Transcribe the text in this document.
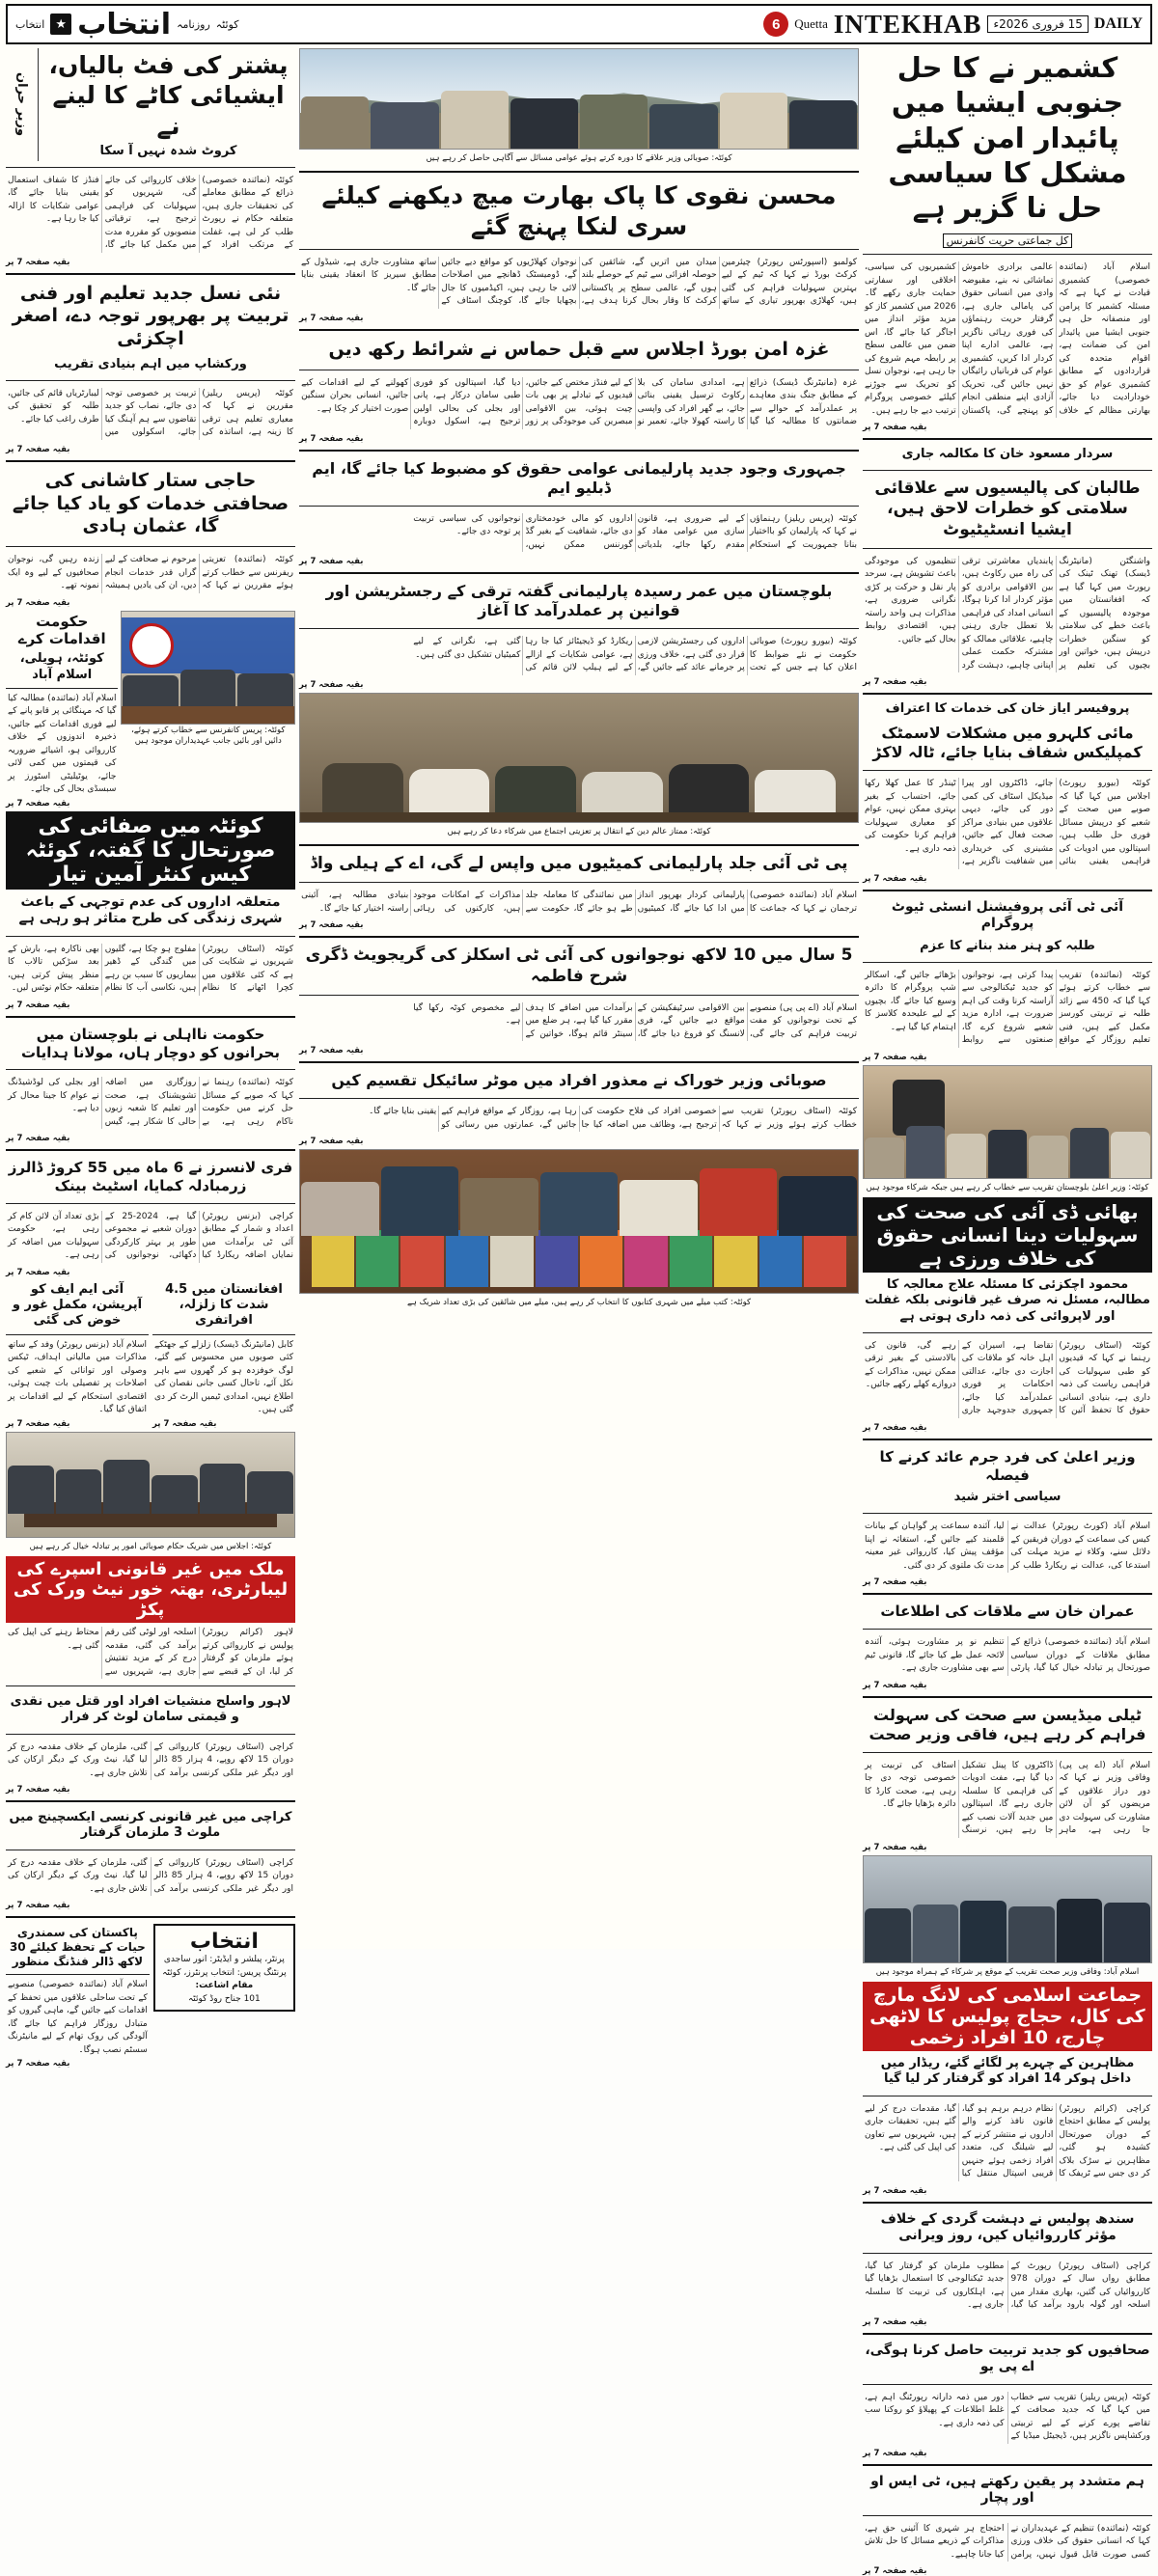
DAILY
15 فروری 2026ء
INTEKHAB
Quetta
6
کوئٹہ
روزنامہ
انتخاب
★
انتخاب
پشتر کی فٹ بالیاں، ایشیائی کاٹے کا لینے نے
کروٹ شدہ نہیں آ سکا
وزیر حران
کوئٹہ (نمائندہ خصوصی) ذرائع کے مطابق معاملے کی تحقیقات جاری ہیں، متعلقہ حکام نے رپورٹ طلب کر لی ہے، غفلت کے مرتکب افراد کے خلاف کارروائی کی جائے گی، شہریوں کو سہولیات کی فراہمی ترجیح ہے، ترقیاتی منصوبوں کو مقررہ مدت میں مکمل کیا جائے گا، فنڈز کا شفاف استعمال یقینی بنایا جائے گا، عوامی شکایات کا ازالہ کیا جا رہا ہے۔
بقیہ صفحہ 7 پر
نئی نسل جدید تعلیم اور فنی تربیت پر بھرپور توجہ دے، اصغر اچکزئی
ورکشاپ میں اہم بنیادی تقریب
کوئٹہ (پریس ریلیز) مقررین نے کہا کہ معیاری تعلیم ہی ترقی کا زینہ ہے، اساتذہ کی تربیت پر خصوصی توجہ دی جائے، نصاب کو جدید تقاضوں سے ہم آہنگ کیا جائے، اسکولوں میں لیبارٹریاں قائم کی جائیں، طلبہ کو تحقیق کی طرف راغب کیا جائے۔
بقیہ صفحہ 7 پر
حاجی ستار کاشانی کی صحافتی خدمات کو یاد کیا جائے گا، عثمان ہادی
کوئٹہ (نمائندہ) تعزیتی ریفرنس سے خطاب کرتے ہوئے مقررین نے کہا کہ مرحوم نے صحافت کے لیے گراں قدر خدمات انجام دیں، ان کی یادیں ہمیشہ زندہ رہیں گی، نوجوان صحافیوں کے لیے وہ ایک نمونہ تھے۔
بقیہ صفحہ 7 پر
کوئٹہ: پریس کانفرنس سے خطاب کرتے ہوئے، دائیں اور بائیں جانب عہدیداران موجود ہیں
حکومت اقدامات کرے
کوئٹہ، ہویلی، اسلام آباد
اسلام آباد (نمائندہ) مطالبہ کیا گیا کہ مہنگائی پر قابو پانے کے لیے فوری اقدامات کیے جائیں، ذخیرہ اندوزوں کے خلاف کارروائی ہو، اشیائے ضروریہ کی قیمتوں میں کمی لائی جائے، یوٹیلیٹی اسٹورز پر سبسڈی بحال کی جائے۔
بقیہ صفحہ 7 پر
کوئٹہ میں صفائی کی صورتحال کا گفتہ، کوئٹہ کیس کنٹر آمین تیار
متعلقہ اداروں کی عدم توجہی کے باعث شہری زندگی کی طرح متاثر ہو رہی ہے
کوئٹہ (اسٹاف رپورٹر) شہریوں نے شکایت کی ہے کہ کئی علاقوں میں کچرا اٹھانے کا نظام مفلوج ہو چکا ہے، گلیوں میں گندگی کے ڈھیر بیماریوں کا سبب بن رہے ہیں، نکاسی آب کا نظام بھی ناکارہ ہے، بارش کے بعد سڑکیں تالاب کا منظر پیش کرتی ہیں، متعلقہ حکام نوٹس لیں۔
بقیہ صفحہ 7 پر
حکومت نااہلی نے بلوچستان میں بحرانوں کو دوچار ہاں، مولانا ہدایات
کوئٹہ (نمائندہ) رہنما نے کہا کہ صوبے کے مسائل حل کرنے میں حکومت ناکام رہی ہے، بے روزگاری میں اضافہ تشویشناک ہے، صحت اور تعلیم کا شعبہ زبوں حالی کا شکار ہے، گیس اور بجلی کی لوڈشیڈنگ نے عوام کا جینا محال کر دیا ہے۔
بقیہ صفحہ 7 پر
فری لانسرز نے 6 ماہ میں 55 کروڑ ڈالرز زرمبادلہ کمایا، اسٹیٹ بینک
کراچی (بزنس رپورٹر) اعداد و شمار کے مطابق آئی ٹی برآمدات میں نمایاں اضافہ ریکارڈ کیا گیا ہے، 2024-25 کے دوران شعبے نے مجموعی طور پر بہتر کارکردگی دکھائی، نوجوانوں کی بڑی تعداد آن لائن کام کر رہی ہے، حکومت سہولیات میں اضافہ کر رہی ہے۔
بقیہ صفحہ 7 پر
افغانستان میں 4.5 شدت کا زلزلہ، افراتفری
کابل (مانیٹرنگ ڈیسک) زلزلے کے جھٹکے کئی صوبوں میں محسوس کیے گئے، لوگ خوفزدہ ہو کر گھروں سے باہر نکل آئے، تاحال کسی جانی نقصان کی اطلاع نہیں، امدادی ٹیمیں الرٹ کر دی گئی ہیں۔
بقیہ صفحہ 7 پر
آئی ایم ایف کو آپریشن، مکمل غور و خوض کی گئی
اسلام آباد (بزنس رپورٹر) وفد کے ساتھ مذاکرات میں مالیاتی اہداف، ٹیکس وصولی اور توانائی کے شعبے کی اصلاحات پر تفصیلی بات چیت ہوئی، اقتصادی استحکام کے لیے اقدامات پر اتفاق کیا گیا۔
بقیہ صفحہ 7 پر
کوئٹہ: اجلاس میں شریک حکام صوبائی امور پر تبادلہ خیال کر رہے ہیں
ملک میں غیر قانونی اسپرے کی لیبارٹری، بھتہ خور نیٹ ورک کی پکڑ
لاہور (کرائم رپورٹر) پولیس نے کارروائی کرتے ہوئے ملزمان کو گرفتار کر لیا، ان کے قبضے سے اسلحہ اور لوٹی گئی رقم برآمد کی گئی، مقدمہ درج کر کے مزید تفتیش جاری ہے، شہریوں سے محتاط رہنے کی اپیل کی گئی ہے۔
لاہور واسلح منشیات افراد اور قتل میں نقدی و قیمتی سامان لوٹ کر فرار
کراچی (اسٹاف رپورٹر) کارروائی کے دوران 15 لاکھ روپے، 4 ہزار 85 ڈالر اور دیگر غیر ملکی کرنسی برآمد کی گئی، ملزمان کے خلاف مقدمہ درج کر لیا گیا، نیٹ ورک کے دیگر ارکان کی تلاش جاری ہے۔
بقیہ صفحہ 7 پر
کراچی میں غیر قانونی کرنسی ایکسچینج میں ملوث 3 ملزمان گرفتار
کراچی (اسٹاف رپورٹر) کارروائی کے دوران 15 لاکھ روپے، 4 ہزار 85 ڈالر اور دیگر غیر ملکی کرنسی برآمد کی گئی، ملزمان کے خلاف مقدمہ درج کر لیا گیا، نیٹ ورک کے دیگر ارکان کی تلاش جاری ہے۔
بقیہ صفحہ 7 پر
انتخاب
پرنٹر، پبلشر و ایڈیٹر: انور ساجدی
پرنٹنگ پریس: انتخاب پرنٹرز، کوئٹہ
مقام اشاعت:
101 جناح روڈ کوئٹہ
پاکستان کی سمندری حیات کے تحفظ کیلئے 30 لاکھ ڈالر فنڈنگ منظور
اسلام آباد (نمائندہ خصوصی) منصوبے کے تحت ساحلی علاقوں میں تحفظ کے اقدامات کیے جائیں گے، ماہی گیروں کو متبادل روزگار فراہم کیا جائے گا، آلودگی کی روک تھام کے لیے مانیٹرنگ سسٹم نصب ہوگا۔
بقیہ صفحہ 7 پر
کوئٹہ: صوبائی وزیر علاقے کا دورہ کرتے ہوئے عوامی مسائل سے آگاہی حاصل کر رہے ہیں
محسن نقوی کا پاک بھارت میچ دیکھنے کیلئے سری لنکا پہنچ گئے
کولمبو (اسپورٹس رپورٹر) چیئرمین کرکٹ بورڈ نے کہا کہ ٹیم کے لیے بہترین سہولیات فراہم کی گئی ہیں، کھلاڑی بھرپور تیاری کے ساتھ میدان میں اتریں گے، شائقین کی حوصلہ افزائی سے ٹیم کے حوصلے بلند ہوں گے، عالمی سطح پر پاکستانی کرکٹ کا وقار بحال کرنا ہدف ہے، نوجوان کھلاڑیوں کو مواقع دیے جائیں گے، ڈومیسٹک ڈھانچے میں اصلاحات لائی جا رہی ہیں، اکیڈمیوں کا جال بچھایا جائے گا، کوچنگ اسٹاف کے ساتھ مشاورت جاری ہے، شیڈول کے مطابق سیریز کا انعقاد یقینی بنایا جائے گا۔
بقیہ صفحہ 7 پر
غزہ امن بورڈ اجلاس سے قبل حماس نے شرائط رکھ دیں
غزہ (مانیٹرنگ ڈیسک) ذرائع کے مطابق جنگ بندی معاہدے پر عملدرآمد کے حوالے سے ضمانتوں کا مطالبہ کیا گیا ہے، امدادی سامان کی بلا رکاوٹ ترسیل یقینی بنائی جائے، بے گھر افراد کی واپسی کا راستہ کھولا جائے، تعمیر نو کے لیے فنڈز مختص کیے جائیں، قیدیوں کے تبادلے پر بھی بات چیت ہوئی، بین الاقوامی مبصرین کی موجودگی پر زور دیا گیا، اسپتالوں کو فوری طبی سامان درکار ہے، پانی اور بجلی کی بحالی اولین ترجیح ہے، اسکول دوبارہ کھولنے کے لیے اقدامات کیے جائیں، انسانی بحران سنگین صورت اختیار کر چکا ہے۔
بقیہ صفحہ 7 پر
جمہوری وجود جدید پارلیمانی عوامی حقوق کو مضبوط کیا جائے گا، ایم ڈبلیو ایم
کوئٹہ (پریس ریلیز) رہنماؤں نے کہا کہ پارلیمان کو بااختیار بنانا جمہوریت کے استحکام کے لیے ضروری ہے، قانون سازی میں عوامی مفاد کو مقدم رکھا جائے، بلدیاتی اداروں کو مالی خودمختاری دی جائے، شفافیت کے بغیر گڈ گورننس ممکن نہیں، نوجوانوں کی سیاسی تربیت پر توجہ دی جائے۔
بقیہ صفحہ 7 پر
بلوچستان میں عمر رسیدہ پارلیمانی گفتہ ترقی کے رجسٹریشن اور قوانین پر عملدرآمد کا آغاز
کوئٹہ (بیورو رپورٹ) صوبائی حکومت نے نئے ضوابط کا اعلان کیا ہے جس کے تحت اداروں کی رجسٹریشن لازمی قرار دی گئی ہے، خلاف ورزی پر جرمانے عائد کیے جائیں گے، ریکارڈ کو ڈیجیٹائز کیا جا رہا ہے، عوامی شکایات کے ازالے کے لیے ہیلپ لائن قائم کی گئی ہے، نگرانی کے لیے کمیٹیاں تشکیل دی گئی ہیں۔
بقیہ صفحہ 7 پر
کوئٹہ: ممتاز عالم دین کے انتقال پر تعزیتی اجتماع میں شرکاء دعا کر رہے ہیں
پی ٹی آئی جلد پارلیمانی کمیٹیوں میں واپس لے گی، اے کے ہیلی واڈ
اسلام آباد (نمائندہ خصوصی) ترجمان نے کہا کہ جماعت کا پارلیمانی کردار بھرپور انداز میں ادا کیا جائے گا، کمیٹیوں میں نمائندگی کا معاملہ جلد طے ہو جائے گا، حکومت سے مذاکرات کے امکانات موجود ہیں، کارکنوں کی رہائی بنیادی مطالبہ ہے، آئینی راستہ اختیار کیا جائے گا۔
بقیہ صفحہ 7 پر
5 سال میں 10 لاکھ نوجوانوں کی آئی ٹی اسکلز کی گریجویٹ ڈگری شرح فاطمہ
اسلام آباد (اے پی پی) منصوبے کے تحت نوجوانوں کو مفت تربیت فراہم کی جائے گی، بین الاقوامی سرٹیفکیشن کے مواقع دیے جائیں گے، فری لانسنگ کو فروغ دیا جائے گا، برآمدات میں اضافے کا ہدف مقرر کیا گیا ہے، ہر ضلع میں سینٹر قائم ہوگا، خواتین کے لیے مخصوص کوٹہ رکھا گیا ہے۔
بقیہ صفحہ 7 پر
صوبائی وزیر خوراک نے معذور افراد میں موٹر سائیکل تقسیم کیں
کوئٹہ (اسٹاف رپورٹر) تقریب سے خطاب کرتے ہوئے وزیر نے کہا کہ خصوصی افراد کی فلاح حکومت کی ترجیح ہے، وظائف میں اضافہ کیا جا رہا ہے، روزگار کے مواقع فراہم کیے جائیں گے، عمارتوں میں رسائی کو یقینی بنایا جائے گا۔
بقیہ صفحہ 7 پر
کوئٹہ: کتب میلے میں شہری کتابوں کا انتخاب کر رہے ہیں، میلے میں شائقین کی بڑی تعداد شریک ہے
کشمیر نے کا حل جنوبی ایشیا میں پائیدار امن کیلئے مشکل کا سیاسی حل نا گزیر ہے
کل جماعتی حریت کانفرنس
اسلام آباد (نمائندہ خصوصی) کشمیری قیادت نے کہا ہے کہ مسئلہ کشمیر کا پرامن اور منصفانہ حل ہی جنوبی ایشیا میں پائیدار امن کی ضمانت ہے، اقوام متحدہ کی قراردادوں کے مطابق کشمیری عوام کو حق خودارادیت دیا جائے، بھارتی مظالم کے خلاف عالمی برادری خاموش تماشائی نہ بنے، مقبوضہ وادی میں انسانی حقوق کی پامالی جاری ہے، گرفتار حریت رہنماؤں کی فوری رہائی ناگزیر ہے، عالمی ادارے اپنا کردار ادا کریں، کشمیری عوام کی قربانیاں رائیگاں نہیں جائیں گی، تحریک آزادی اپنے منطقی انجام کو پہنچے گی، پاکستان کشمیریوں کی سیاسی، اخلاقی اور سفارتی حمایت جاری رکھے گا۔ 2026 میں کشمیر کاز کو مزید مؤثر انداز میں اجاگر کیا جائے گا، اس ضمن میں عالمی سطح پر رابطہ مہم شروع کی جا رہی ہے، نوجوان نسل کو تحریک سے جوڑنے کیلئے خصوصی پروگرام ترتیب دیے جا رہے ہیں۔
بقیہ صفحہ 7 پر
سردار مسعود خان کا مکالمہ جاری
طالبان کی پالیسیوں سے علاقائی سلامتی کو خطرات لاحق ہیں، ایشیا انسٹیٹیوٹ
واشنگٹن (مانیٹرنگ ڈیسک) تھنک ٹینک کی رپورٹ میں کہا گیا ہے کہ افغانستان میں موجودہ پالیسیوں کے باعث خطے کی سلامتی کو سنگین خطرات درپیش ہیں، خواتین اور بچیوں کی تعلیم پر پابندیاں معاشرتی ترقی کی راہ میں رکاوٹ ہیں، بین الاقوامی برادری کو مؤثر کردار ادا کرنا ہوگا، انسانی امداد کی فراہمی بلا تعطل جاری رہنی چاہیے، علاقائی ممالک کو مشترکہ حکمت عملی اپنانی چاہیے، دہشت گرد تنظیموں کی موجودگی باعث تشویش ہے، سرحد پار نقل و حرکت پر کڑی نگرانی ضروری ہے، مذاکرات ہی واحد راستہ ہیں، اقتصادی روابط بحال کیے جائیں۔
بقیہ صفحہ 7 پر
پروفیسر ایاز خان کی خدمات کا اعتراف
مائی کلہرو میں مشکلات لاسمٹک کمپلیکس شفاف بنایا جائے، ٹالہ لاکڑ
کوئٹہ (بیورو رپورٹ) اجلاس میں کہا گیا کہ صوبے میں صحت کے شعبے کو درپیش مسائل فوری حل طلب ہیں، اسپتالوں میں ادویات کی فراہمی یقینی بنائی جائے، ڈاکٹروں اور پیرا میڈیکل اسٹاف کی کمی دور کی جائے، دیہی علاقوں میں بنیادی مراکز صحت فعال کیے جائیں، مشینری کی خریداری میں شفافیت ناگزیر ہے، ٹینڈر کا عمل کھلا رکھا جائے، احتساب کے بغیر بہتری ممکن نہیں، عوام کو معیاری سہولیات فراہم کرنا حکومت کی ذمہ داری ہے۔
بقیہ صفحہ 7 پر
آئی ٹی آئی پروفیشنل انسٹی ٹیوٹ پروگرام
طلبہ کو ہنر مند بنانے کا عزم
کوئٹہ (نمائندہ) تقریب سے خطاب کرتے ہوئے کہا گیا کہ 450 سے زائد طلبہ نے تربیتی کورسز مکمل کیے ہیں، فنی تعلیم روزگار کے مواقع پیدا کرتی ہے، نوجوانوں کو جدید ٹیکنالوجی سے آراستہ کرنا وقت کی اہم ضرورت ہے، ادارہ مزید شعبے شروع کرے گا، صنعتوں سے روابط بڑھائے جائیں گے، اسکالر شپ پروگرام کا دائرہ وسیع کیا جائے گا، بچیوں کے لیے علیحدہ کلاسز کا اہتمام کیا گیا ہے۔
بقیہ صفحہ 7 پر
کوئٹہ: وزیر اعلیٰ بلوچستان تقریب سے خطاب کر رہے ہیں جبکہ شرکاء موجود ہیں
بھائی ڈی آئی کی صحت کی سہولیات دینا انسانی حقوق کی خلاف ورزی ہے
محمود اچکزئی کا مسئلہ علاج معالجہ کا مطالبہ، مسئل نہ صرف غیر قانونی بلکہ غفلت اور لاپروائی کی ذمہ داری ہوتی ہے
کوئٹہ (اسٹاف رپورٹر) رہنما نے کہا کہ قیدیوں کو طبی سہولیات کی فراہمی ریاست کی ذمہ داری ہے، بنیادی انسانی حقوق کا تحفظ آئین کا تقاضا ہے، اسیران کے اہل خانہ کو ملاقات کی اجازت دی جائے، عدالتی احکامات پر فوری عملدرآمد کیا جائے، جمہوری جدوجہد جاری رہے گی، قانون کی بالادستی کے بغیر ترقی ممکن نہیں، مذاکرات کے دروازے کھلے رکھے جائیں۔
بقیہ صفحہ 7 پر
وزیر اعلیٰ کی فرد جرم عائد کرنے کا فیصلہ
سیاسی اختر شید
اسلام آباد (کورٹ رپورٹر) عدالت نے کیس کی سماعت کے دوران فریقین کے دلائل سنے، وکلاء نے مزید مہلت کی استدعا کی، عدالت نے ریکارڈ طلب کر لیا، آئندہ سماعت پر گواہان کے بیانات قلمبند کیے جائیں گے، استغاثہ نے اپنا مؤقف پیش کیا، کارروائی غیر معینہ مدت تک ملتوی کر دی گئی۔
بقیہ صفحہ 7 پر
عمران خان سے ملاقات کی اطلاعات
اسلام آباد (نمائندہ خصوصی) ذرائع کے مطابق ملاقات کے دوران سیاسی صورتحال پر تبادلہ خیال کیا گیا، پارٹی تنظیم نو پر مشاورت ہوئی، آئندہ لائحہ عمل طے کیا جائے گا، قانونی ٹیم سے بھی مشاورت جاری ہے۔
بقیہ صفحہ 7 پر
ٹیلی میڈیسن سے صحت کی سہولت فراہم کر رہے ہیں، فاقی وزیر صحت
اسلام آباد (اے پی پی) وفاقی وزیر نے کہا کہ دور دراز علاقوں کے مریضوں کو آن لائن مشاورت کی سہولت دی جا رہی ہے، ماہر ڈاکٹروں کا پینل تشکیل دیا گیا ہے، مفت ادویات کی فراہمی کا سلسلہ جاری رہے گا، اسپتالوں میں جدید آلات نصب کیے جا رہے ہیں، نرسنگ اسٹاف کی تربیت پر خصوصی توجہ دی جا رہی ہے، صحت کارڈ کا دائرہ بڑھایا جائے گا۔
بقیہ صفحہ 7 پر
اسلام آباد: وفاقی وزیر صحت تقریب کے موقع پر شرکاء کے ہمراہ موجود ہیں
جماعت اسلامی کی لانگ مارچ کی کال، حجاج پولیس کا لاٹھی چارج، 10 افراد زخمی
مظاہرین کے چہرے پر لگائے گئے، ریڈار میں داخل ہوکر 14 افراد کو گرفتار کر لیا گیا
کراچی (کرائم رپورٹر) پولیس کے مطابق احتجاج کے دوران صورتحال کشیدہ ہو گئی، مظاہرین نے سڑک بلاک کر دی جس سے ٹریفک کا نظام درہم برہم ہو گیا، قانون نافذ کرنے والے اداروں نے منتشر کرنے کے لیے شیلنگ کی، متعدد افراد زخمی ہوئے جنہیں قریبی اسپتال منتقل کیا گیا، مقدمات درج کر لیے گئے ہیں، تحقیقات جاری ہیں، شہریوں سے تعاون کی اپیل کی گئی ہے۔
بقیہ صفحہ 7 پر
سندھ پولیس نے دہشت گردی کے خلاف مؤثر کارروائیاں کیں، روز ویرانی
کراچی (اسٹاف رپورٹر) رپورٹ کے مطابق رواں سال کے دوران 978 کارروائیاں کی گئیں، بھاری مقدار میں اسلحہ اور گولہ بارود برآمد کیا گیا، مطلوب ملزمان کو گرفتار کیا گیا، جدید ٹیکنالوجی کا استعمال بڑھایا گیا ہے، اہلکاروں کی تربیت کا سلسلہ جاری ہے۔
بقیہ صفحہ 7 پر
صحافیوں کو جدید تربیت حاصل کرنا ہوگی، اے پی یو
کوئٹہ (پریس ریلیز) تقریب سے خطاب میں کہا گیا کہ جدید صحافت کے تقاضے پورے کرنے کے لیے تربیتی ورکشاپس ناگزیر ہیں، ڈیجیٹل میڈیا کے دور میں ذمہ دارانہ رپورٹنگ اہم ہے، غلط اطلاعات کے پھیلاؤ کو روکنا سب کی ذمہ داری ہے۔
بقیہ صفحہ 7 پر
ہم متشدد پر یقین رکھتے ہیں، ٹی ایس او اور پچار
کوئٹہ (نمائندہ) تنظیم کے عہدیداران نے کہا کہ انسانی حقوق کی خلاف ورزی کسی صورت قابل قبول نہیں، پرامن احتجاج ہر شہری کا آئینی حق ہے، مذاکرات کے ذریعے مسائل کا حل تلاش کیا جانا چاہیے۔
بقیہ صفحہ 7 پر
